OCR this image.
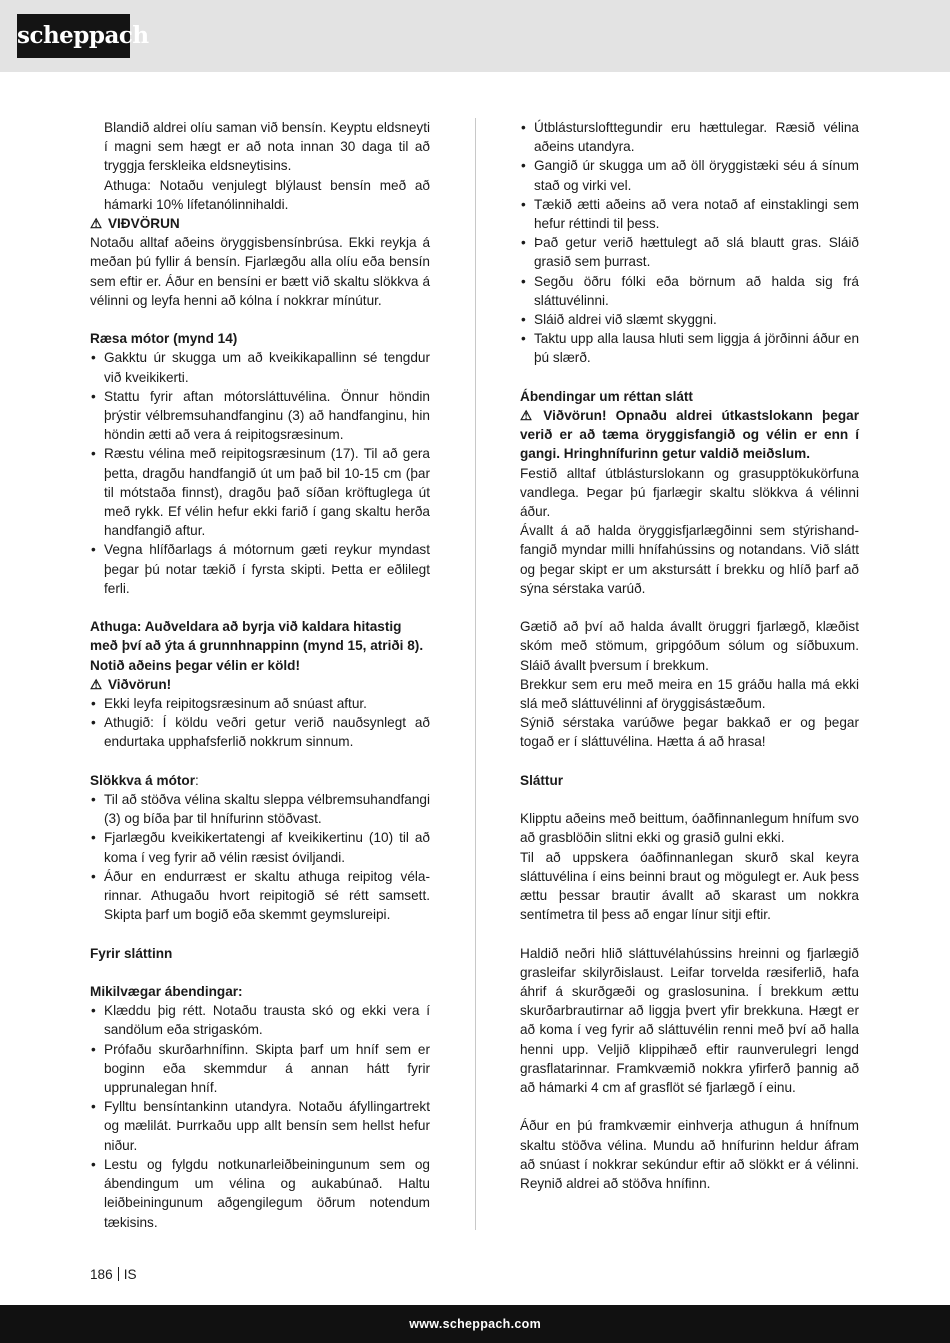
scheppach
Blandið aldrei olíu saman við bensín. Keyptu eldsneyti í magni sem hægt er að nota innan 30 daga til að tryggja ferskleika eldsneytisins.
Athuga: Notaðu venjulegt blýlaust bensín með að hámarki 10% lífetanólinnihaldi.
⚠ VIÐVÖRUN
Notaðu alltaf aðeins öryggisbensínbrúsa. Ekki reykja á meðan þú fyllir á bensín. Fjarlægðu alla olíu eða bensín sem eftir er. Áður en bensíni er bætt við skaltu slökkva á vélinni og leyfa henni að kólna í nokkrar mínútur.
Ræsa mótor (mynd 14)
• Gakktu úr skugga um að kveikikapallinn sé tengdur við kveikikerti.
• Stattu fyrir aftan mótorsláttuvélina. Önnur höndin þrýstir vélbremsuhandfanginu (3) að handfanginu, hin höndin ætti að vera á reipitogsræsinum.
• Ræstu vélina með reipitogsræsinum (17). Til að gera þetta, dragðu handfangið út um það bil 10-15 cm (þar til mótstaða finnst), dragðu það síðan kröftuglega út með rykk. Ef vélin hefur ekki farið í gang skaltu herða handfangið aftur.
• Vegna hlífðarlags á mótornum gæti reykur myndast þegar þú notar tækið í fyrsta skipti. Þetta er eðlilegt ferli.
Athuga: Auðveldara að byrja við kaldara hitastig með því að ýta á grunnhnappinn (mynd 15, atriði 8). Notið aðeins þegar vélin er köld!
⚠ Viðvörun!
• Ekki leyfa reipitogsræsinum að snúast aftur.
• Athugið: Í köldu veðri getur verið nauðsynlegt að endurtaka upphafsferlið nokkrum sinnum.
Slökkva á mótor:
• Til að stöðva vélina skaltu sleppa vélbremsuhandfangi (3) og bíða þar til hnífurinn stöðvast.
• Fjarlægðu kveikikertatengi af kveikikertinu (10) til að koma í veg fyrir að vélin ræsist óviljandi.
• Áður en endurræst er skaltu athuga reipitog vélarinnar. Athugaðu hvort reipitogið sé rétt samsett. Skipta þarf um bogið eða skemmt geymslureipi.
Fyrir sláttinn
Mikilvægar ábendingar:
• Klæddu þig rétt. Notaðu trausta skó og ekki vera í sandölum eða strigaskóm.
• Prófaðu skurðarhnífinn. Skipta þarf um hníf sem er boginn eða skemmdur á annan hátt fyrir upprunalegan hníf.
• Fylltu bensíntankinn utandyra. Notaðu áfyllingartrekt og mælilát. Þurrkaðu upp allt bensín sem hellst hefur niður.
• Lestu og fylgdu notkunarleiðbeiningunum sem og ábendingum um vélina og aukabúnað. Haltu leiðbeiningunum aðgengilegum öðrum notendum tækisins.
• Útblásturslofttegundir eru hættulegar. Ræsið vélina aðeins utandyra.
• Gangið úr skugga um að öll öryggistæki séu á sínum stað og virki vel.
• Tækið ætti aðeins að vera notað af einstaklingi sem hefur réttindi til þess.
• Það getur verið hættulegt að slá blautt gras. Sláið grasið sem þurrast.
• Segðu öðru fólki eða börnum að halda sig frá sláttuvélinni.
• Sláið aldrei við slæmt skyggni.
• Taktu upp alla lausa hluti sem liggja á jörðinni áður en þú slærð.
Ábendingar um réttan slátt
⚠ Viðvörun! Opnaðu aldrei útkastslokann þegar verið er að tæma öryggisfangið og vélin er enn í gangi. Hringhnífurinn getur valdið meiðslum.
Festið alltaf útblásturslokann og grasupptökukörfuna vandlega. Þegar þú fjarlægir skaltu slökkva á vélinni áður.
Ávallt á að halda öryggisfjarlægðinni sem stýrishandfangið myndar milli hnífahússins og notandans. Við slátt og þegar skipt er um akstursátt í brekku og hlíð þarf að sýna sérstaka varúð.
Gætið að því að halda ávallt öruggri fjarlægð, klæðist skóm með stömum, gripgóðum sólum og síðbuxum. Sláið ávallt þversum í brekkum.
Brekkur sem eru með meira en 15 gráðu halla má ekki slá með sláttuvélinni af öryggisástæðum.
Sýnið sérstaka varúðwe þegar bakkað er og þegar togað er í sláttuvélina. Hætta á að hrasa!
Sláttur
Klipptu aðeins með beittum, óaðfinnanlegum hnífum svo að grasblöðin slitni ekki og grasið gulni ekki.
Til að uppskera óaðfinnanlegan skurð skal keyra sláttuvélina í eins beinni braut og mögulegt er. Auk þess ættu þessar brautir ávallt að skarast um nokkra sentímetra til þess að engar línur sitji eftir.
Haldið neðri hlið sláttuvélahússins hreinni og fjarlægið grasleifar skilyrðislaust. Leifar torvelda ræsiferlið, hafa áhrif á skurðgæði og graslosunina. Í brekkum ættu skurðarbrautirnar að liggja þvert yfir brekkuna. Hægt er að koma í veg fyrir að sláttuvélin renni með því að halla henni upp. Veljið klippihæð eftir raunverulegri lengd grasflatarinnar. Framkvæmið nokkra yfirferð þannig að að hámarki 4 cm af grasflöt sé fjarlægð í einu.
Áður en þú framkvæmir einhverja athugun á hnífnum skaltu stöðva vélina. Mundu að hnífurinn heldur áfram að snúast í nokkrar sekúndur eftir að slökkt er á vélinni. Reynið aldrei að stöðva hnífinn.
186 IS
www.scheppach.com
